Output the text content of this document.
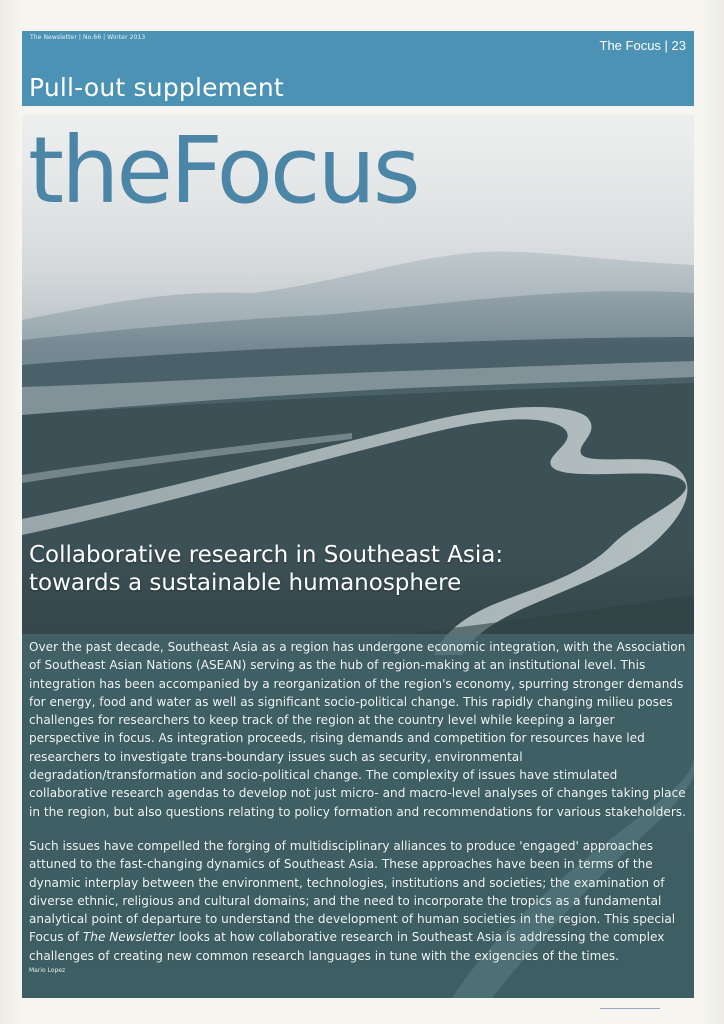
The Newsletter | No.66 | Winter 2013
The Focus | 23
Pull-out supplement
theFocus
Collaborative research in Southeast Asia:
towards a sustainable humanosphere

Over the past decade, Southeast Asia as a region has undergone economic integration, with the Association of Southeast Asian Nations (ASEAN) serving as the hub of region-making at an institutional level. This integration has been accompanied by a reorganization of the region's economy, spurring stronger demands for energy, food and water as well as significant socio-political change. This rapidly changing milieu poses challenges for researchers to keep track of the region at the country level while keeping a larger perspective in focus. As integration proceeds, rising demands and competition for resources have led researchers to investigate trans-boundary issues such as security, environmental degradation/transformation and socio-political change. The complexity of issues have stimulated collaborative research agendas to develop not just micro- and macro-level analyses of changes taking place in the region, but also questions relating to policy formation and recommendations for various stakeholders.

Such issues have compelled the forging of multidisciplinary alliances to produce 'engaged' approaches attuned to the fast-changing dynamics of Southeast Asia. These approaches have been in terms of the dynamic interplay between the environment, technologies, institutions and societies; the examination of diverse ethnic, religious and cultural domains; and the need to incorporate the tropics as a fundamental analytical point of departure to understand the development of human societies in the region. This special Focus of The Newsletter looks at how collaborative research in Southeast Asia is addressing the complex challenges of creating new common research languages in tune with the exigencies of the times.

Mario Lopez
